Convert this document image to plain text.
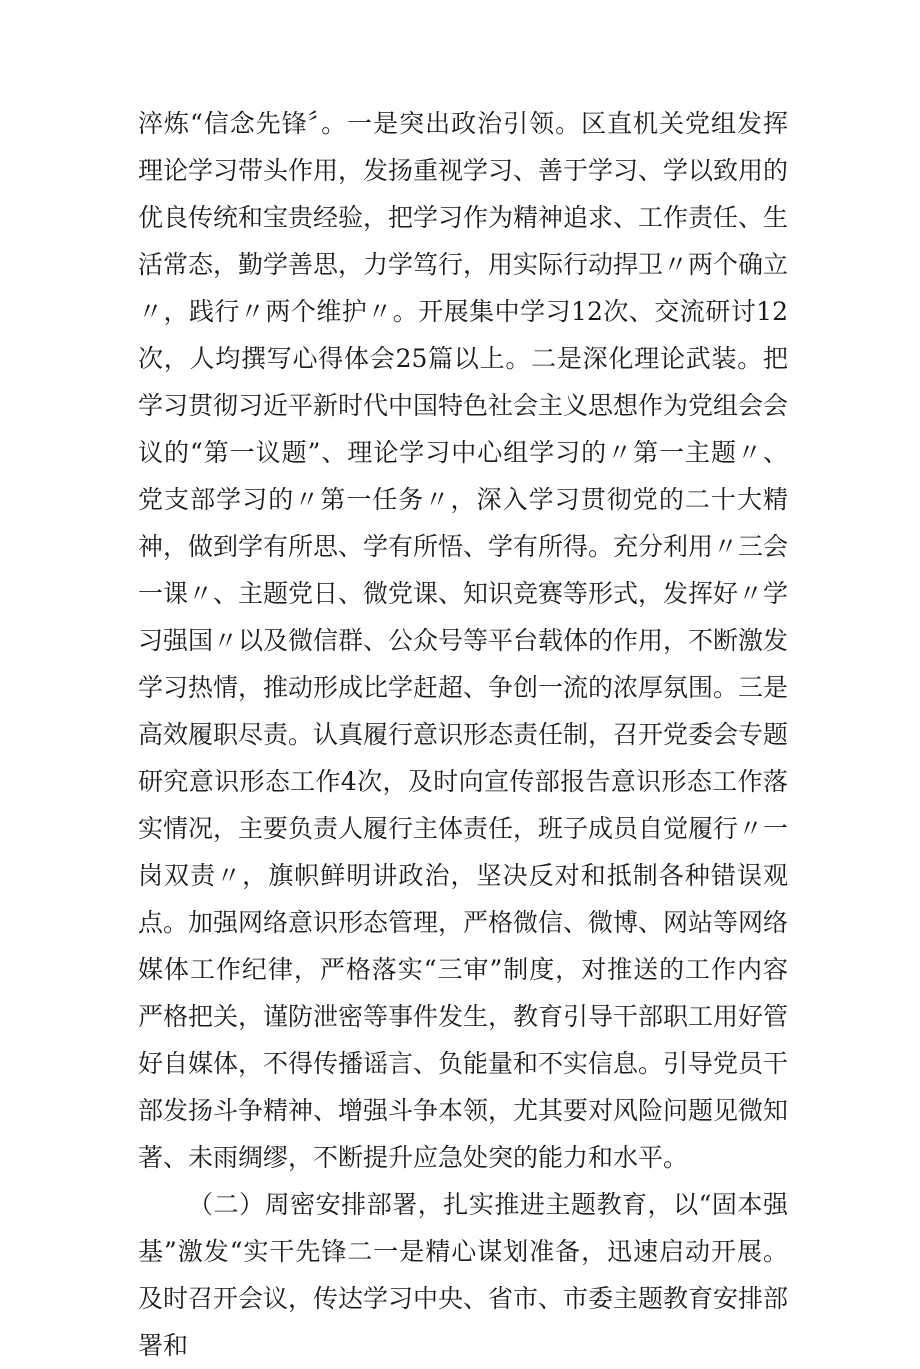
淬炼“信念先锋〞。一是突出政治引领。区直机关党组发挥理论学习带头作用，发扬重视学习、善于学习、学以致用的优良传统和宝贵经验，把学习作为精神追求、工作责任、生活常态，勤学善思，力学笃行，用实际行动捍卫〃两个确立〃，践行〃两个维护〃。开展集中学习12次、交流研讨12次，人均撰写心得体会25篇以上。二是深化理论武装。把学习贯彻习近平新时代中国特色社会主义思想作为党组会会议的“第一议题”、理论学习中心组学习的〃第一主题〃、党支部学习的〃第一任务〃，深入学习贯彻党的二十大精神，做到学有所思、学有所悟、学有所得。充分利用〃三会一课〃、主题党日、微党课、知识竞赛等形式，发挥好〃学习强国〃以及微信群、公众号等平台载体的作用，不断激发学习热情，推动形成比学赶超、争创一流的浓厚氛围。三是高效履职尽责。认真履行意识形态责任制，召开党委会专题研究意识形态工作4次，及时向宣传部报告意识形态工作落实情况，主要负责人履行主体责任，班子成员自觉履行〃一岗双责〃，旗帜鲜明讲政治，坚决反对和抵制各种错误观点。加强网络意识形态管理，严格微信、微博、网站等网络媒体工作纪律，严格落实“三审”制度，对推送的工作内容严格把关，谨防泄密等事件发生，教育引导干部职工用好管好自媒体，不得传播谣言、负能量和不实信息。引导党员干部发扬斗争精神、增强斗争本领，尤其要对风险问题见微知著、未雨绸缪，不断提升应急处突的能力和水平。

（二）周密安排部署，扎实推进主题教育，以“固本强基”激发“实干先锋二一是精心谋划准备，迅速启动开展。及时召开会议，传达学习中央、省市、市委主题教育安排部署和
